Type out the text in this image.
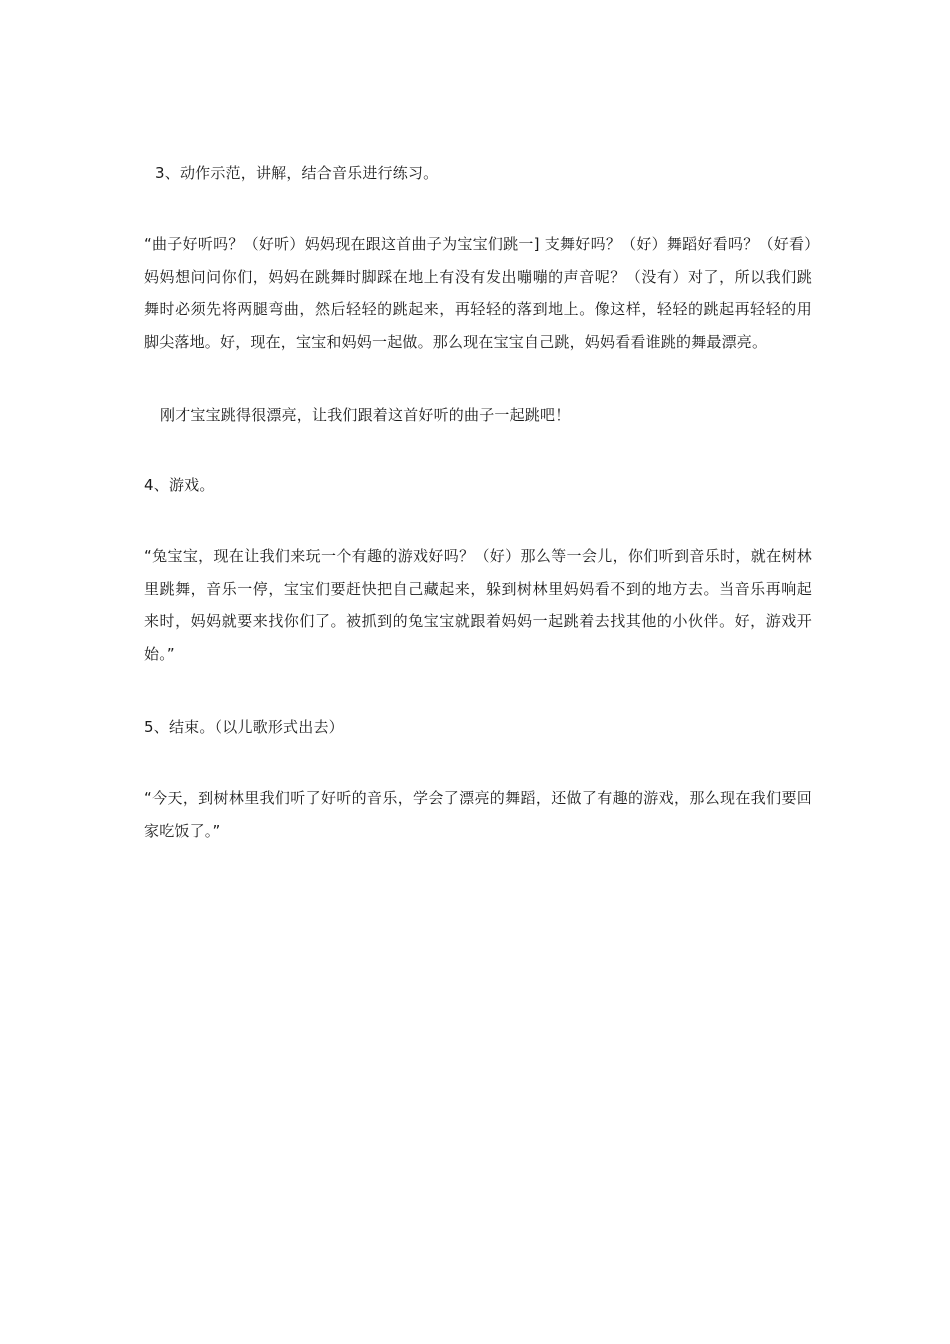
3、动作示范，讲解，结合音乐进行练习。

“曲子好听吗？（好听）妈妈现在跟这首曲子为宝宝们跳一] 支舞好吗？（好）舞蹈好看吗？（好看）妈妈想问问你们，妈妈在跳舞时脚踩在地上有没有发出嘣嘣的声音呢？（没有）对了，所以我们跳舞时必须先将两腿弯曲，然后轻轻的跳起来，再轻轻的落到地上。像这样，轻轻的跳起再轻轻的用脚尖落地。好，现在，宝宝和妈妈一起做。那么现在宝宝自己跳，妈妈看看谁跳的舞最漂亮。

刚才宝宝跳得很漂亮，让我们跟着这首好听的曲子一起跳吧！

4、游戏。

“兔宝宝，现在让我们来玩一个有趣的游戏好吗？（好）那么等一会儿，你们听到音乐时，就在树林里跳舞，音乐一停，宝宝们要赶快把自己藏起来，躲到树林里妈妈看不到的地方去。当音乐再响起来时，妈妈就要来找你们了。被抓到的兔宝宝就跟着妈妈一起跳着去找其他的小伙伴。好，游戏开始。”

5、结束。（以儿歌形式出去）

“今天，到树林里我们听了好听的音乐，学会了漂亮的舞蹈，还做了有趣的游戏，那么现在我们要回家吃饭了。”
